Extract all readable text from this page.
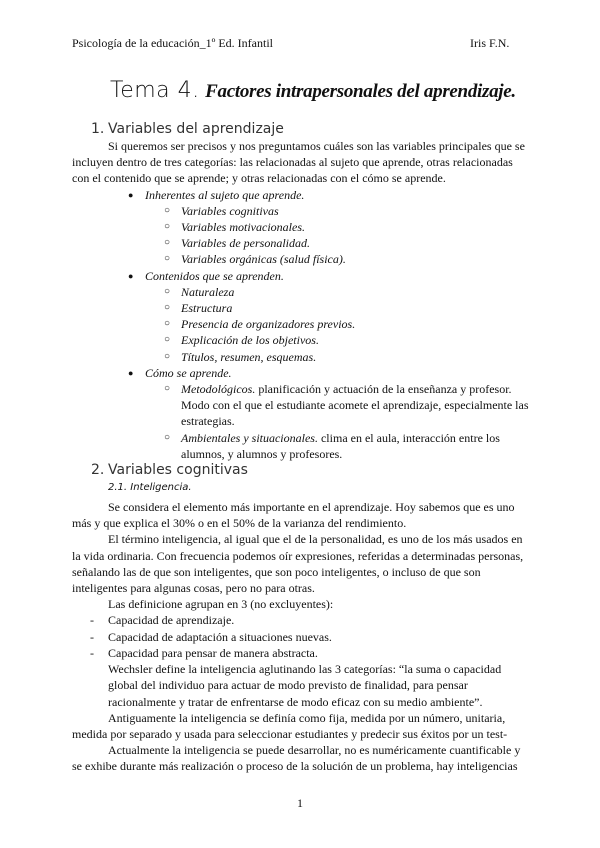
Psicología de la educación_1º Ed. Infantil	Iris F.N.
Tema 4. Factores intrapersonales del aprendizaje.
1. Variables del aprendizaje

Si queremos ser precisos y nos preguntamos cuáles son las variables principales que se incluyen dentro de tres categorías: las relacionadas al sujeto que aprende, otras relacionadas con el contenido que se aprende; y otras relacionadas con el cómo se aprende.

● Inherentes al sujeto que aprende.
○ Variables cognitivas
○ Variables motivacionales.
○ Variables de personalidad.
○ Variables orgánicas (salud física).
● Contenidos que se aprenden.
○ Naturaleza
○ Estructura
○ Presencia de organizadores previos.
○ Explicación de los objetivos.
○ Títulos, resumen, esquemas.
● Cómo se aprende.
○ Metodológicos. planificación y actuación de la enseñanza y profesor. Modo con el que el estudiante acomete el aprendizaje, especialmente las estrategias.
○ Ambientales y situacionales. clima en el aula, interacción entre los alumnos, y alumnos y profesores.
2. Variables cognitivas
2.1. Inteligencia.

Se considera el elemento más importante en el aprendizaje. Hoy sabemos que es uno más y que explica el 30% o en el 50% de la varianza del rendimiento.

El término inteligencia, al igual que el de la personalidad, es uno de los más usados en la vida ordinaria. Con frecuencia podemos oír expresiones, referidas a determinadas personas, señalando las de que son inteligentes, que son poco inteligentes, o incluso de que son inteligentes para algunas cosas, pero no para otras.

Las definicione agrupan en 3 (no excluyentes):

- Capacidad de aprendizaje.
- Capacidad de adaptación a situaciones nuevas.
- Capacidad para pensar de manera abstracta.
Wechsler define la inteligencia aglutinando las 3 categorías: “la suma o capacidad global del individuo para actuar de modo previsto de finalidad, para pensar racionalmente y tratar de enfrentarse de modo eficaz con su medio ambiente”.

Antiguamente la inteligencia se definía como fija, medida por un número, unitaria, medida por separado y usada para seleccionar estudiantes y predecir sus éxitos por un test-

Actualmente la inteligencia se puede desarrollar, no es numéricamente cuantificable y se exhibe durante más realización o proceso de la solución de un problema, hay inteligencias

1
